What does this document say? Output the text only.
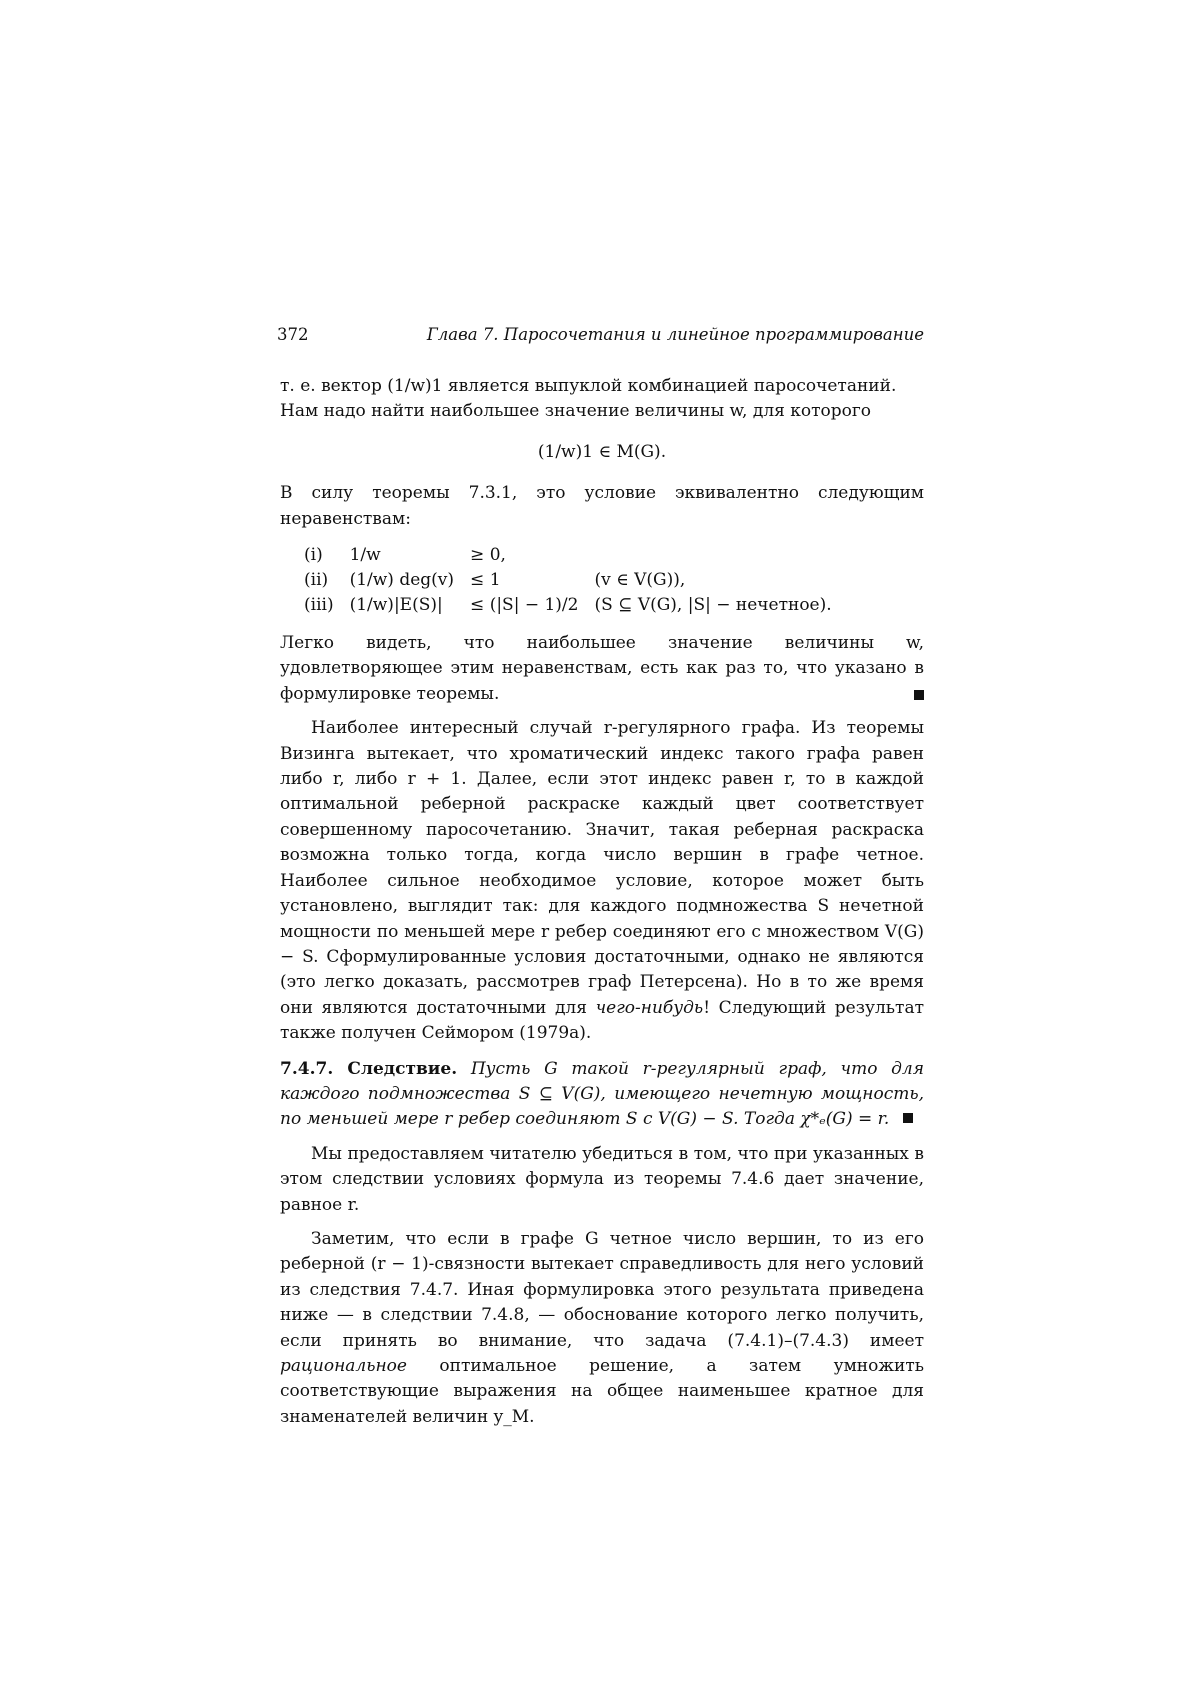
372	Глава 7. Паросочетания и линейное программирование

т. е. вектор (1/w)1 является выпуклой комбинацией паросочетаний.

Нам надо найти наибольшее значение величины w, для которого

(1/w)1 ∈ M(G).

В силу теоремы 7.3.1, это условие эквивалентно следующим неравенствам:

(i)	1/w	≥ 0,	
(ii)	(1/w) deg(v)	≤ 1	(v ∈ V(G)),
(iii)	(1/w)|E(S)|	≤ (|S| − 1)/2	(S ⊆ V(G), |S| − нечетное).

Легко видеть, что наибольшее значение величины w, удовлетворяющее этим неравенствам, есть как раз то, что указано в формулировке теоремы.

Наиболее интересный случай r-регулярного графа. Из теоремы Визинга вытекает, что хроматический индекс такого графа равен либо r, либо r + 1. Далее, если этот индекс равен r, то в каждой оптимальной реберной раскраске каждый цвет соответствует совершенному паросочетанию. Значит, такая реберная раскраска возможна только тогда, когда число вершин в графе четное. Наиболее сильное необходимое условие, которое может быть установлено, выглядит так: для каждого подмножества S нечетной мощности по меньшей мере r ребер соединяют его с множеством V(G) − S. Сформулированные условия достаточными, однако не являются (это легко доказать, рассмотрев граф Петерсена). Но в то же время они являются достаточными для чего-нибудь! Следующий результат также получен Сеймором (1979а).

7.4.7. Следствие. Пусть G такой r-регулярный граф, что для каждого подмножества S ⊆ V(G), имеющего нечетную мощность, по меньшей мере r ребер соединяют S с V(G) − S. Тогда χ*ₑ(G) = r.

Мы предоставляем читателю убедиться в том, что при указанных в этом следствии условиях формула из теоремы 7.4.6 дает значение, равное r.

Заметим, что если в графе G четное число вершин, то из его реберной (r − 1)-связности вытекает справедливость для него условий из следствия 7.4.7. Иная формулировка этого результата приведена ниже — в следствии 7.4.8, — обоснование которого легко получить, если принять во внимание, что задача (7.4.1)–(7.4.3) имеет рациональное оптимальное решение, а затем умножить соответствующие выражения на общее наименьшее кратное для знаменателей величин y_M.
